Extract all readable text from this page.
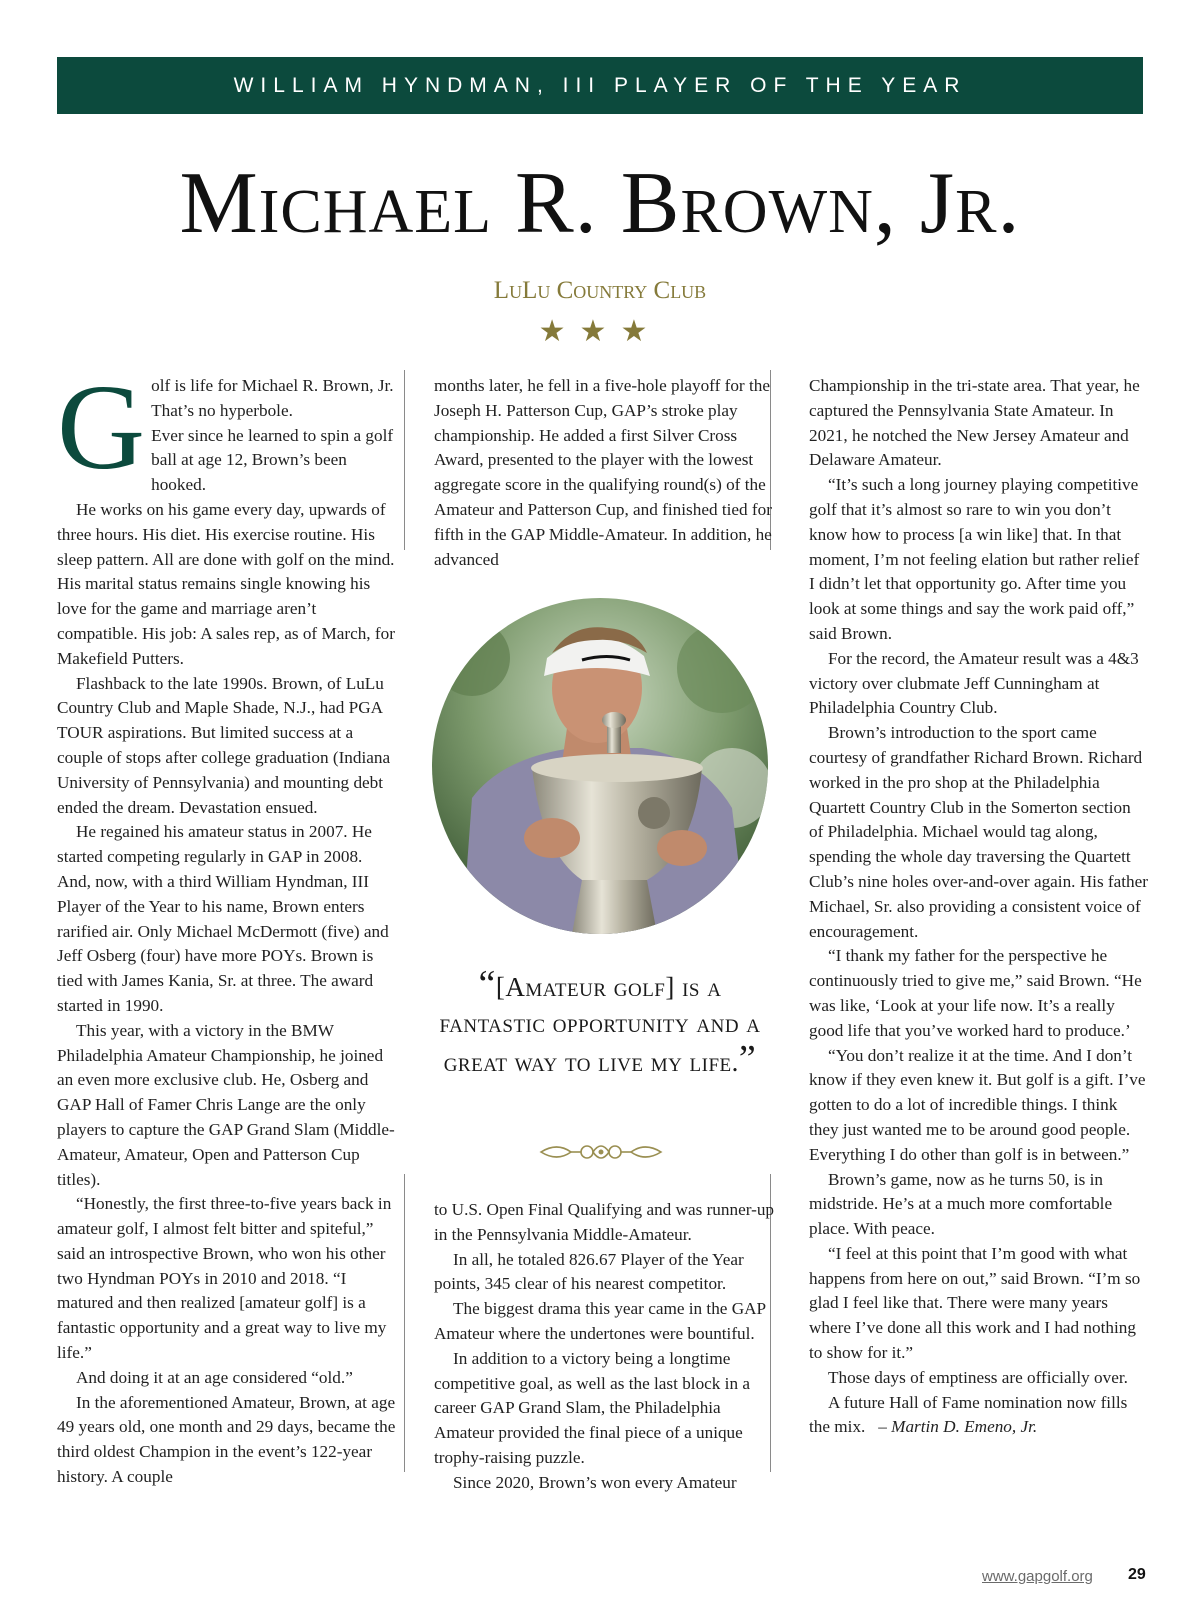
WILLIAM HYNDMAN, III PLAYER OF THE YEAR
Michael R. Brown, Jr.
LuLu Country Club
★★★
G olf is life for Michael R. Brown, Jr.

That’s no hyperbole.

Ever since he learned to spin a golf ball at age 12, Brown’s been hooked.

He works on his game every day, upwards of three hours. His diet. His exercise routine. His sleep pattern. All are done with golf on the mind. His marital status remains single knowing his love for the game and marriage aren’t compatible. His job: A sales rep, as of March, for Makefield Putters.

Flashback to the late 1990s. Brown, of LuLu Country Club and Maple Shade, N.J., had PGA TOUR aspirations. But limited success at a couple of stops after college graduation (Indiana University of Pennsylvania) and mounting debt ended the dream. Devastation ensued.

He regained his amateur status in 2007. He started competing regularly in GAP in 2008. And, now, with a third William Hyndman, III Player of the Year to his name, Brown enters rarified air. Only Michael McDermott (five) and Jeff Osberg (four) have more POYs. Brown is tied with James Kania, Sr. at three. The award started in 1990.

This year, with a victory in the BMW Philadelphia Amateur Championship, he joined an even more exclusive club. He, Osberg and GAP Hall of Famer Chris Lange are the only players to capture the GAP Grand Slam (Middle-Amateur, Amateur, Open and Patterson Cup titles).

“Honestly, the first three-to-five years back in amateur golf, I almost felt bitter and spiteful,” said an introspective Brown, who won his other two Hyndman POYs in 2010 and 2018. “I matured and then realized [amateur golf] is a fantastic opportunity and a great way to live my life.”

And doing it at an age considered “old.”

In the aforementioned Amateur, Brown, at age 49 years old, one month and 29 days, became the third oldest Champion in the event’s 122-year history. A couple

months later, he fell in a five-hole playoff for the Joseph H. Patterson Cup, GAP’s stroke play championship. He added a first Silver Cross Award, presented to the player with the lowest aggregate score in the qualifying round(s) of the Amateur and Patterson Cup, and finished tied for fifth in the GAP Middle-Amateur. In addition, he advanced

“[Amateur golf] is a fantastic opportunity and a great way to live my life.”

to U.S. Open Final Qualifying and was runner-up in the Pennsylvania Middle-Amateur.

In all, he totaled 826.67 Player of the Year points, 345 clear of his nearest competitor.

The biggest drama this year came in the GAP Amateur where the undertones were bountiful.

In addition to a victory being a longtime competitive goal, as well as the last block in a career GAP Grand Slam, the Philadelphia Amateur provided the final piece of a unique trophy-raising puzzle.

Since 2020, Brown’s won every Amateur

Championship in the tri-state area. That year, he captured the Pennsylvania State Amateur. In 2021, he notched the New Jersey Amateur and Delaware Amateur.

“It’s such a long journey playing competitive golf that it’s almost so rare to win you don’t know how to process [a win like] that. In that moment, I’m not feeling elation but rather relief I didn’t let that opportunity go. After time you look at some things and say the work paid off,” said Brown.

For the record, the Amateur result was a 4&3 victory over clubmate Jeff Cunningham at Philadelphia Country Club.

Brown’s introduction to the sport came courtesy of grandfather Richard Brown. Richard worked in the pro shop at the Philadelphia Quartett Country Club in the Somerton section of Philadelphia. Michael would tag along, spending the whole day traversing the Quartett Club’s nine holes over-and-over again. His father Michael, Sr. also providing a consistent voice of encouragement.

“I thank my father for the perspective he continuously tried to give me,” said Brown. “He was like, ‘Look at your life now. It’s a really good life that you’ve worked hard to produce.’

“You don’t realize it at the time. And I don’t know if they even knew it. But golf is a gift. I’ve gotten to do a lot of incredible things. I think they just wanted me to be around good people. Everything I do other than golf is in between.”

Brown’s game, now as he turns 50, is in midstride. He’s at a much more comfortable place. With peace.

“I feel at this point that I’m good with what happens from here on out,” said Brown. “I’m so glad I feel like that. There were many years where I’ve done all this work and I had nothing to show for it.”

Those days of emptiness are officially over.

A future Hall of Fame nomination now fills the mix. – Martin D. Emeno, Jr.

www.gapgolf.org 29
